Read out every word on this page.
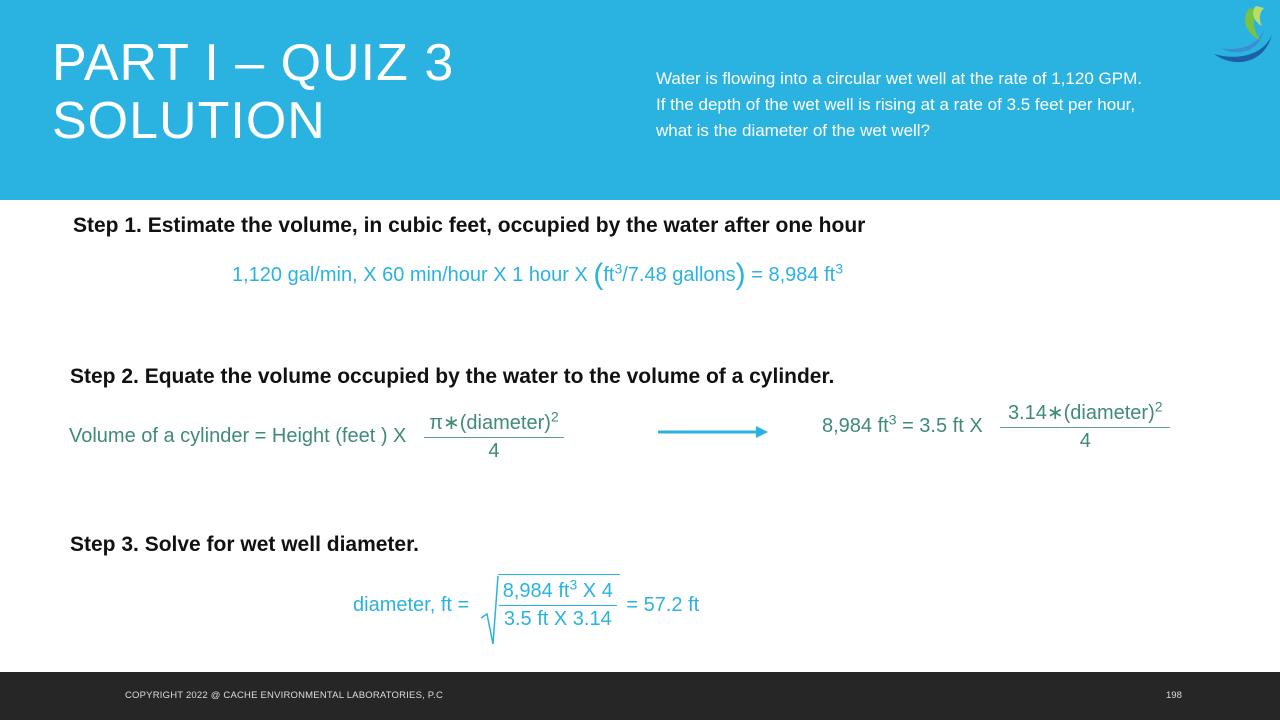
PART I – QUIZ 3
SOLUTION
Water is flowing into a circular wet well at the rate of 1,120 GPM. If the depth of the wet well is rising at a rate of 3.5 feet per hour, what is the diameter of the wet well?
Step 1. Estimate the volume, in cubic feet, occupied by the water after one hour
1,120 gal/min, X 60 min/hour X 1 hour X ($ft^3/7.48$ gallons) = 8,984 $ft^3$
Step 2. Equate the volume occupied by the water to the volume of a cylinder.
Volume of a cylinder = Height (feet ) X $\frac{\pi∗(diameter)^2}{4}$	8,984 $ft^3 = 3.5$ ft X $\frac{3.14∗(diameter)^2}{4}$
Step 3. Solve for wet well diameter.
diameter, ft = $\frac{8,984 ft^3 X 4}{\text{3.5 ft X 3.14}} = 57.2$ ft
COPYRIGHT 2022 @ CACHE ENVIRONMENTAL LABORATORIES, P.C	198
